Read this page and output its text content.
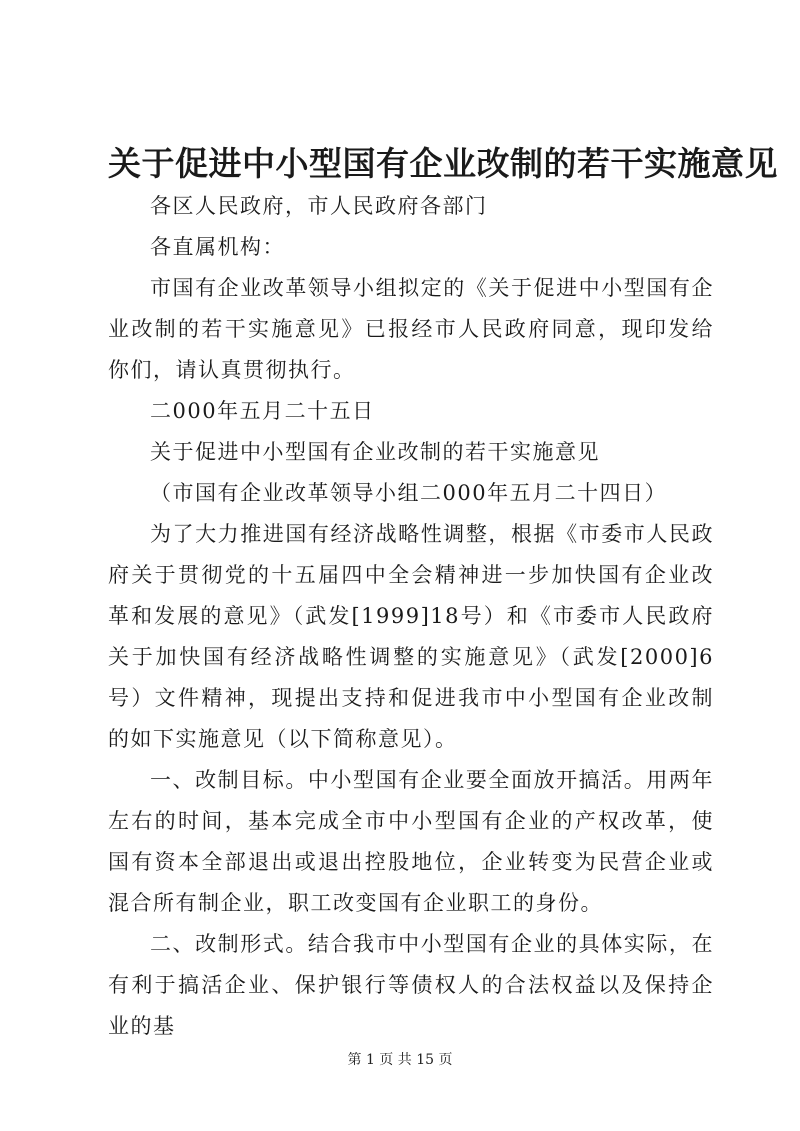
关于促进中小型国有企业改制的若干实施意见

各区人民政府，市人民政府各部门

各直属机构：

市国有企业改革领导小组拟定的《关于促进中小型国有企业改制的若干实施意见》已报经市人民政府同意，现印发给你们，请认真贯彻执行。

二000年五月二十五日

关于促进中小型国有企业改制的若干实施意见

（市国有企业改革领导小组二000年五月二十四日）

为了大力推进国有经济战略性调整，根据《市委市人民政府关于贯彻党的十五届四中全会精神进一步加快国有企业改革和发展的意见》（武发[1999]18号）和《市委市人民政府关于加快国有经济战略性调整的实施意见》（武发[2000]6号）文件精神，现提出支持和促进我市中小型国有企业改制的如下实施意见（以下简称意见）。

一、改制目标。中小型国有企业要全面放开搞活。用两年左右的时间，基本完成全市中小型国有企业的产权改革，使国有资本全部退出或退出控股地位，企业转变为民营企业或混合所有制企业，职工改变国有企业职工的身份。

二、改制形式。结合我市中小型国有企业的具体实际，在有利于搞活企业、保护银行等债权人的合法权益以及保持企业的基

第 1 页 共 15 页
